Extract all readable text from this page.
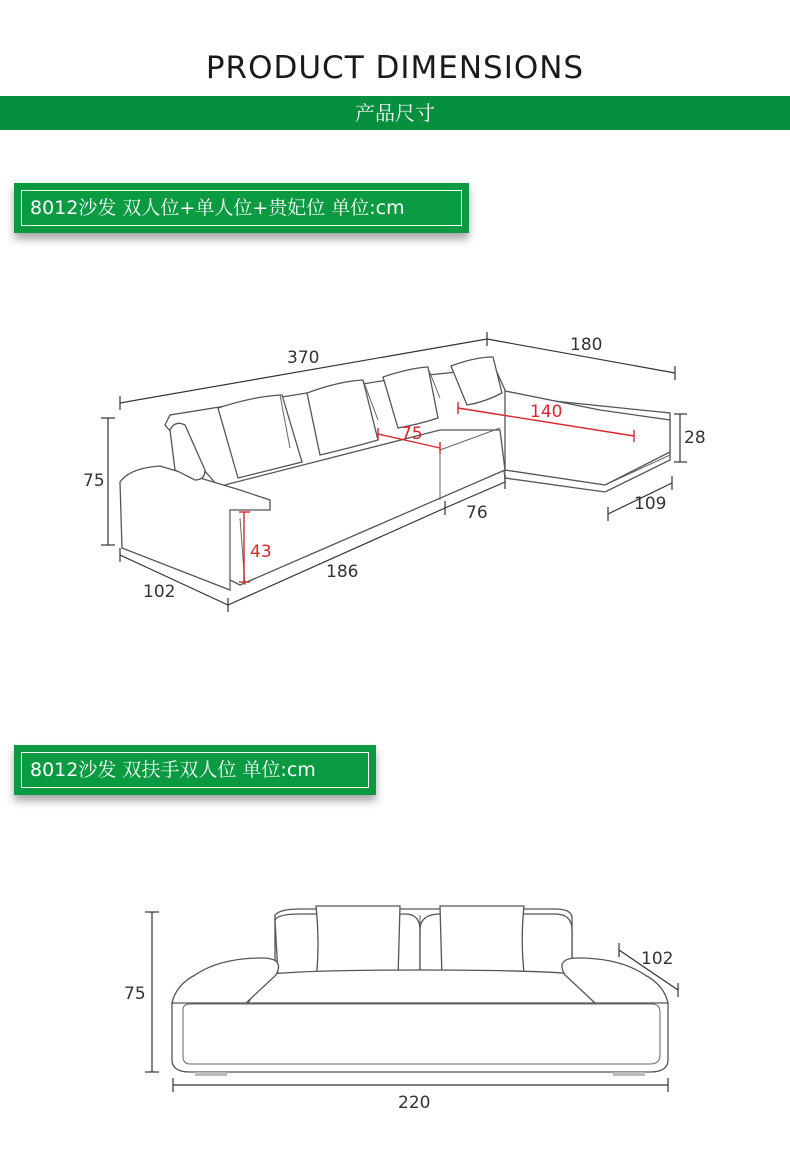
PRODUCT DIMENSIONS
产品尺寸
8012沙发 双人位+单人位+贵妃位 单位:cm
370
180
75
102
186
76	109
28
43
75
140
8012沙发 双扶手双人位 单位:cm
75
102
220
